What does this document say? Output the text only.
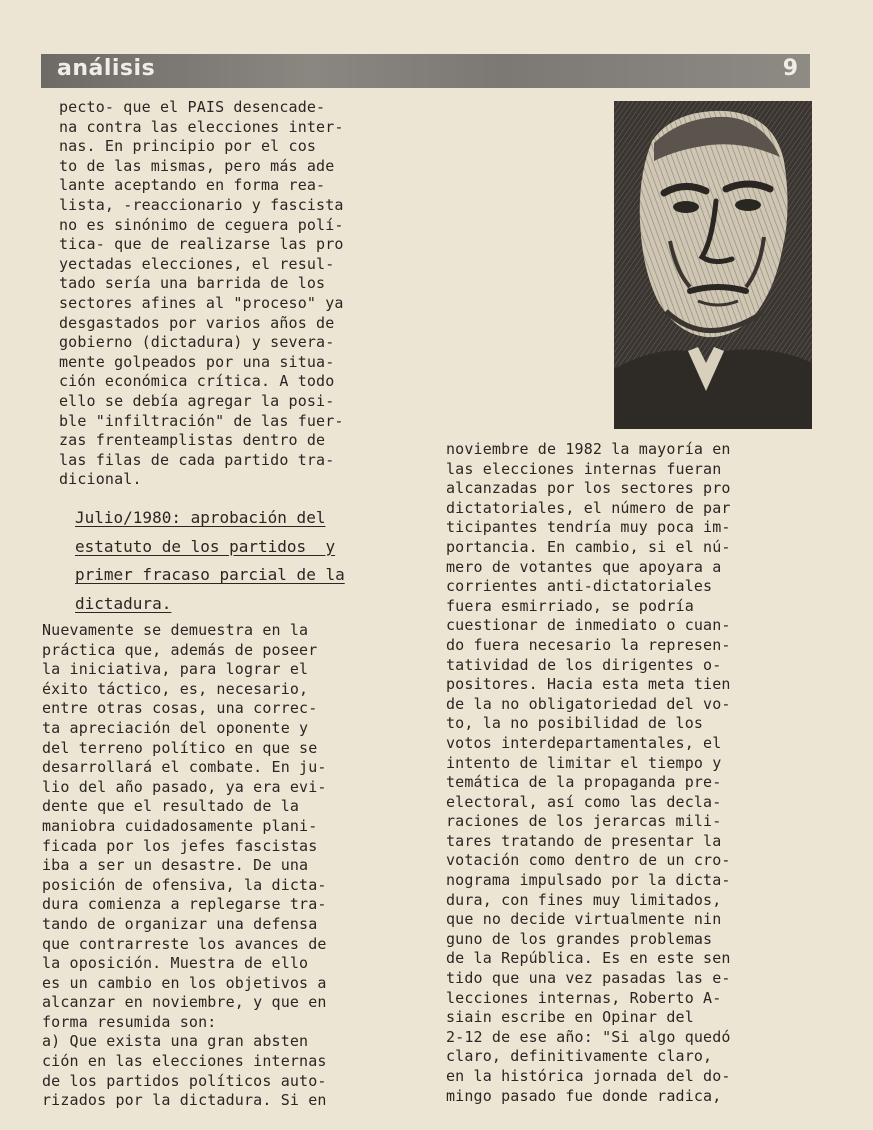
análisis	9

pecto- que el PAIS desencade-

na contra las elecciones inter-

nas. En principio por el cos

to de las mismas, pero más ade

lante aceptando en forma rea-

lista, -reaccionario y fascista

no es sinónimo de ceguera polí-

tica- que de realizarse las pro

yectadas elecciones, el resul-

tado sería una barrida de los

sectores afines al "proceso" ya

desgastados por varios años de

gobierno (dictadura) y severa-

mente golpeados por una situa-

ción económica crítica. A todo

ello se debía agregar la posi-

ble "infiltración" de las fuer-

zas frenteamplistas dentro de

las filas de cada partido tra-

dicional.

Julio/1980: aprobación del

estatuto de los partidos  y

primer fracaso parcial de la

dictadura.

Nuevamente se demuestra en la

práctica que, además de poseer

la iniciativa, para lograr el

éxito táctico, es, necesario,

entre otras cosas, una correc-

ta apreciación del oponente y

del terreno político en que se

desarrollará el combate. En ju-

lio del año pasado, ya era evi-

dente que el resultado de la

maniobra cuidadosamente plani-

ficada por los jefes fascistas

iba a ser un desastre. De una

posición de ofensiva, la dicta-

dura comienza a replegarse tra-

tando de organizar una defensa

que contrarreste los avances de

la oposición. Muestra de ello

es un cambio en los objetivos a

alcanzar en noviembre, y que en

forma resumida son:

a) Que exista una gran absten

ción en las elecciones internas

de los partidos políticos auto-

rizados por la dictadura. Si en

noviembre de 1982 la mayoría en

las elecciones internas fueran

alcanzadas por los sectores pro

dictatoriales, el número de par

ticipantes tendría muy poca im-

portancia. En cambio, si el nú-

mero de votantes que apoyara a

corrientes anti-dictatoriales

fuera esmirriado, se podría

cuestionar de inmediato o cuan-

do fuera necesario la represen-

tatividad de los dirigentes o-

positores. Hacia esta meta tien

de la no obligatoriedad del vo-

to, la no posibilidad de los

votos interdepartamentales, el

intento de limitar el tiempo y

temática de la propaganda pre-

electoral, así como las decla-

raciones de los jerarcas mili-

tares tratando de presentar la

votación como dentro de un cro-

nograma impulsado por la dicta-

dura, con fines muy limitados,

que no decide virtualmente nin

guno de los grandes problemas

de la República. Es en este sen

tido que una vez pasadas las e-

lecciones internas, Roberto A-

siain escribe en Opinar del

2-12 de ese año: "Si algo quedó

claro, definitivamente claro,

en la histórica jornada del do-

mingo pasado fue donde radica,
